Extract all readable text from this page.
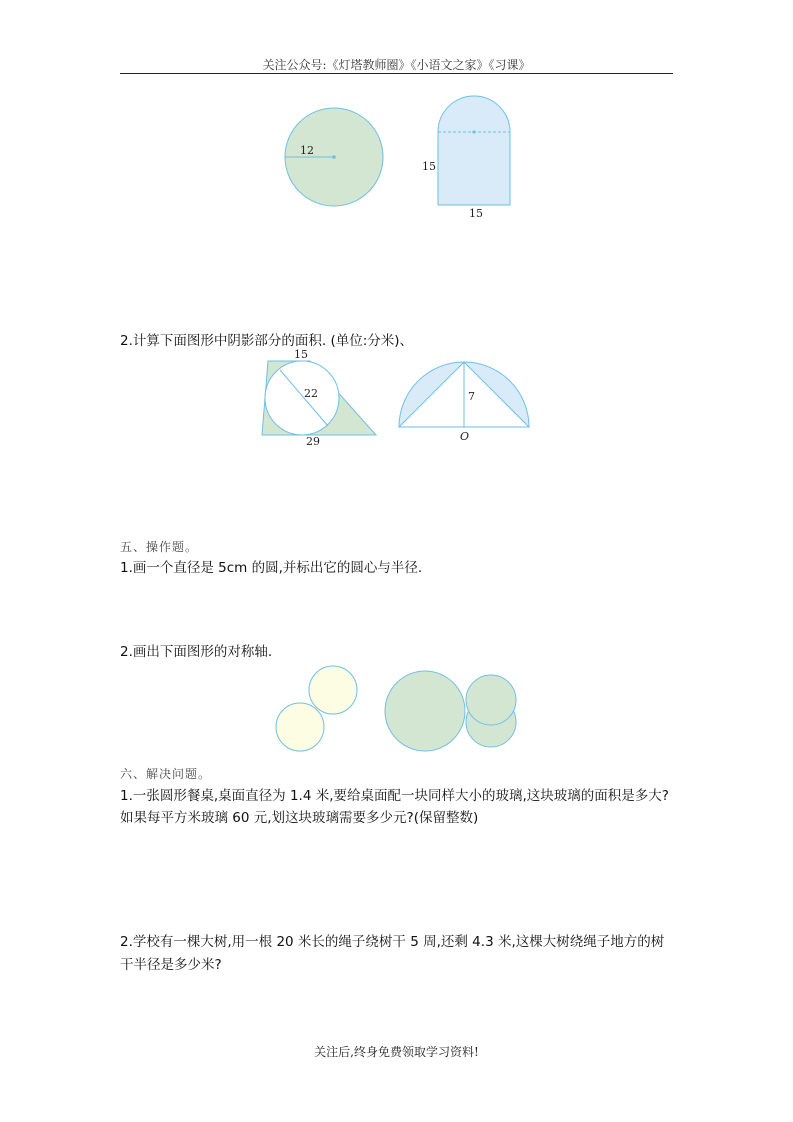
关注公众号:《灯塔教师圈》《小语文之家》《习课》
12
15
15
2.计算下面图形中阴影部分的面积. (单位:分米)、
15
22
29
7
O
五、操作题。
1.画一个直径是 5cm 的圆,并标出它的圆心与半径.
2.画出下面图形的对称轴.
六、解决问题。
1.一张圆形餐桌,桌面直径为 1.4 米,要给桌面配一块同样大小的玻璃,这块玻璃的面积是多大?
如果每平方米玻璃 60 元,划这块玻璃需要多少元?(保留整数)
2.学校有一棵大树,用一根 20 米长的绳子绕树干 5 周,还剩 4.3 米,这棵大树绕绳子地方的树
干半径是多少米?
关注后,终身免费领取学习资料!
